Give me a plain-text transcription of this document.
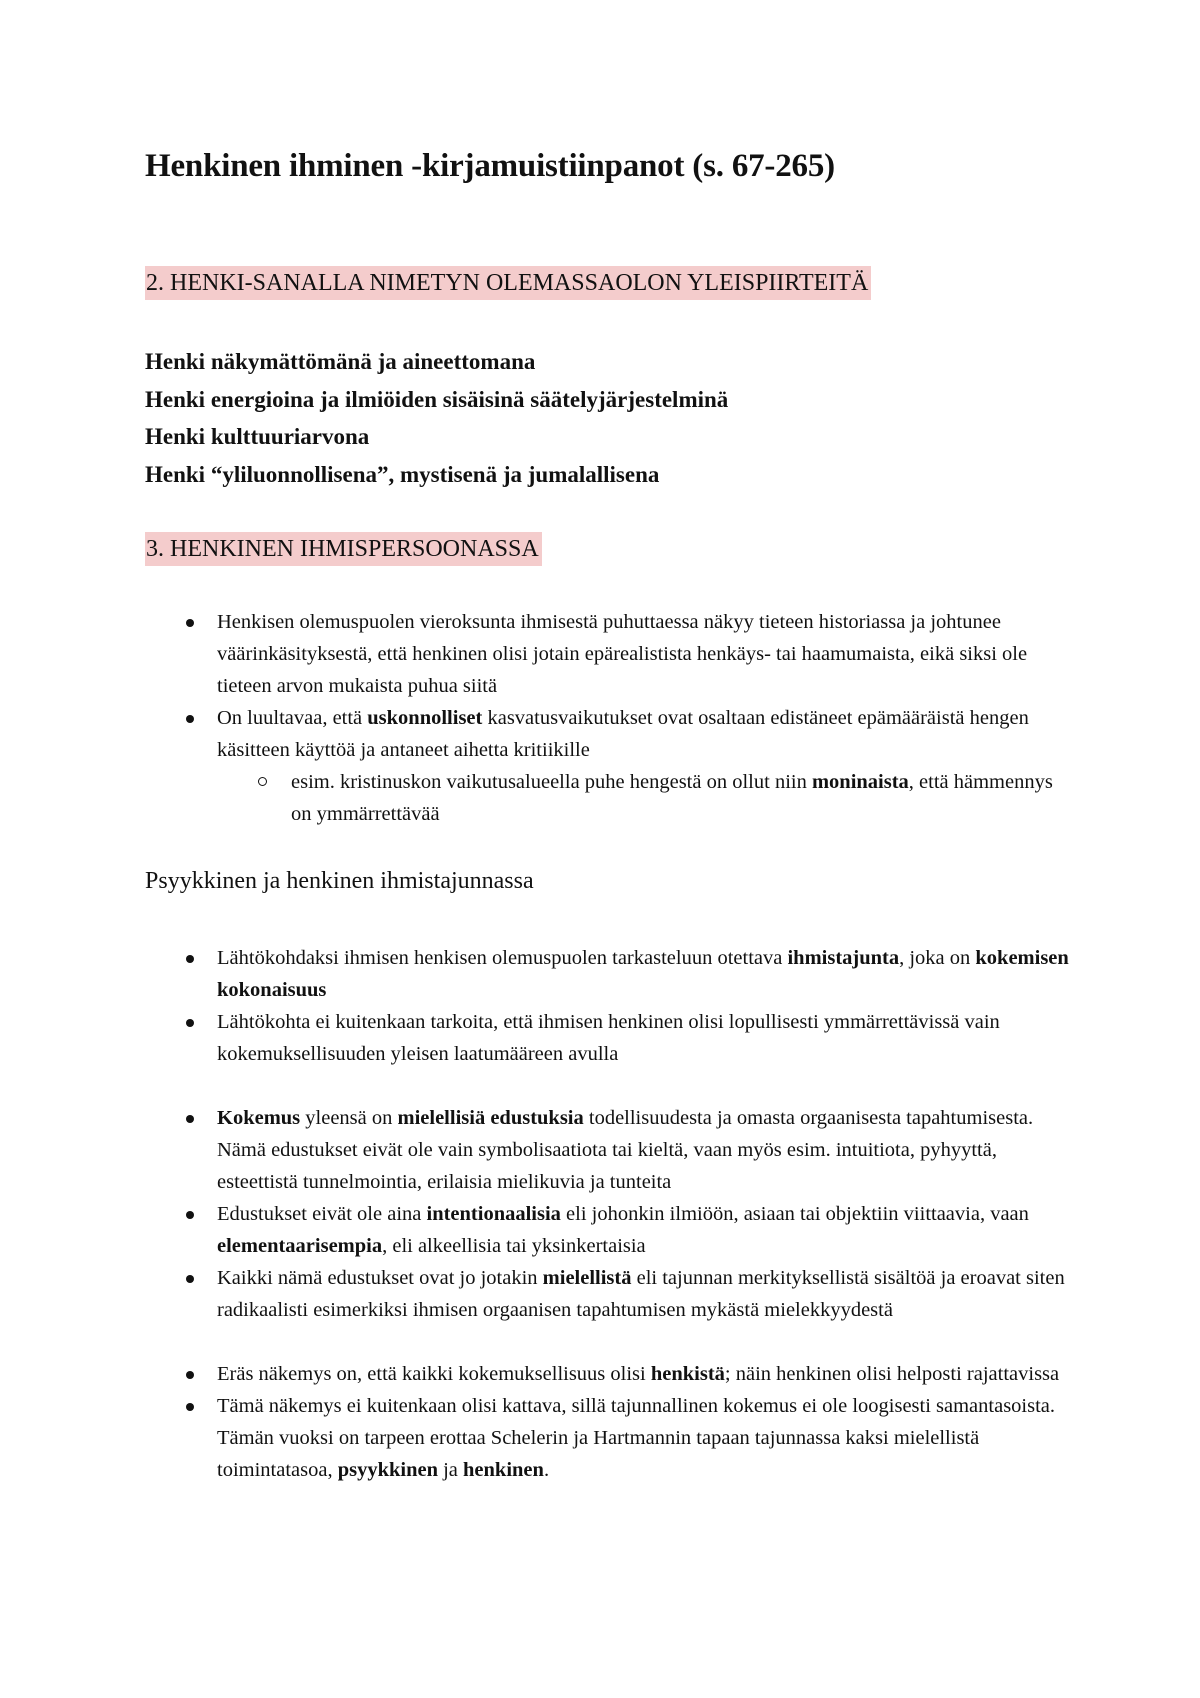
Henkinen ihminen -kirjamuistiinpanot (s. 67-265)
2. HENKI-SANALLA NIMETYN OLEMASSAOLON YLEISPIIRTEITÄ
Henki näkymättömänä ja aineettomana
Henki energioina ja ilmiöiden sisäisinä säätelyjärjestelminä
Henki kulttuuriarvona
Henki “yliluonnollisena”, mystisenä ja jumalallisena
3. HENKINEN IHMISPERSOONASSA
Henkisen olemuspuolen vieroksunta ihmisestä puhuttaessa näkyy tieteen historiassa ja johtunee väärinkäsityksestä, että henkinen olisi jotain epärealistista henkäys- tai haamumaista, eikä siksi ole tieteen arvon mukaista puhua siitä
On luultavaa, että uskonnolliset kasvatusvaikutukset ovat osaltaan edistäneet epämääräistä hengen käsitteen käyttöä ja antaneet aihetta kritiikille
esim. kristinuskon vaikutusalueella puhe hengestä on ollut niin moninaista, että hämmennys on ymmärrettävää
Psyykkinen ja henkinen ihmistajunnassa
Lähtökohdaksi ihmisen henkisen olemuspuolen tarkasteluun otettava ihmistajunta, joka on kokemisen kokonaisuus
Lähtökohta ei kuitenkaan tarkoita, että ihmisen henkinen olisi lopullisesti ymmärrettävissä vain kokemuksellisuuden yleisen laatumääreen avulla
Kokemus yleensä on mielellisiä edustuksia todellisuudesta ja omasta orgaanisesta tapahtumisesta. Nämä edustukset eivät ole vain symbolisaatiota tai kieltä, vaan myös esim. intuitiota, pyhyyttä, esteettistä tunnelmointia, erilaisia mielikuvia ja tunteita
Edustukset eivät ole aina intentionaalisia eli johonkin ilmiöön, asiaan tai objektiin viittaavia, vaan elementaarisempia, eli alkeellisia tai yksinkertaisia
Kaikki nämä edustukset ovat jo jotakin mielellistä eli tajunnan merkityksellistä sisältöä ja eroavat siten radikaalisti esimerkiksi ihmisen orgaanisen tapahtumisen mykästä mielekkyydestä
Eräs näkemys on, että kaikki kokemuksellisuus olisi henkistä; näin henkinen olisi helposti rajattavissa
Tämä näkemys ei kuitenkaan olisi kattava, sillä tajunnallinen kokemus ei ole loogisesti samantasoista. Tämän vuoksi on tarpeen erottaa Schelerin ja Hartmannin tapaan tajunnassa kaksi mielellistä toimintatasoa, psyykkinen ja henkinen.
